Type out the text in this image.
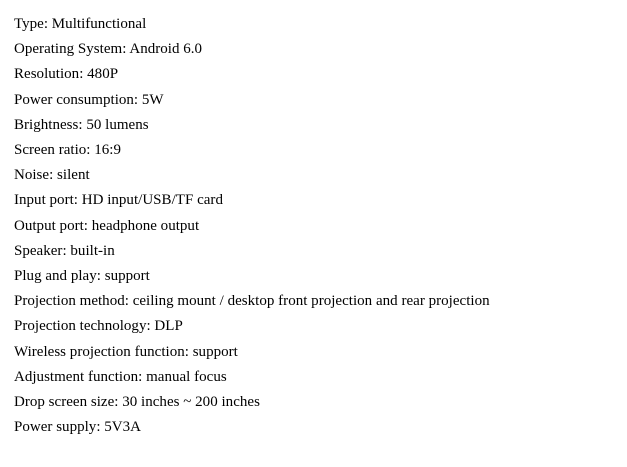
Type: Multifunctional
Operating System: Android 6.0
Resolution: 480P
Power consumption: 5W
Brightness: 50 lumens
Screen ratio: 16:9
Noise: silent
Input port: HD input/USB/TF card
Output port: headphone output
Speaker: built-in
Plug and play: support
Projection method: ceiling mount / desktop front projection and rear projection
Projection technology: DLP
Wireless projection function: support
Adjustment function: manual focus
Drop screen size: 30 inches ~ 200 inches
Power supply: 5V3A
